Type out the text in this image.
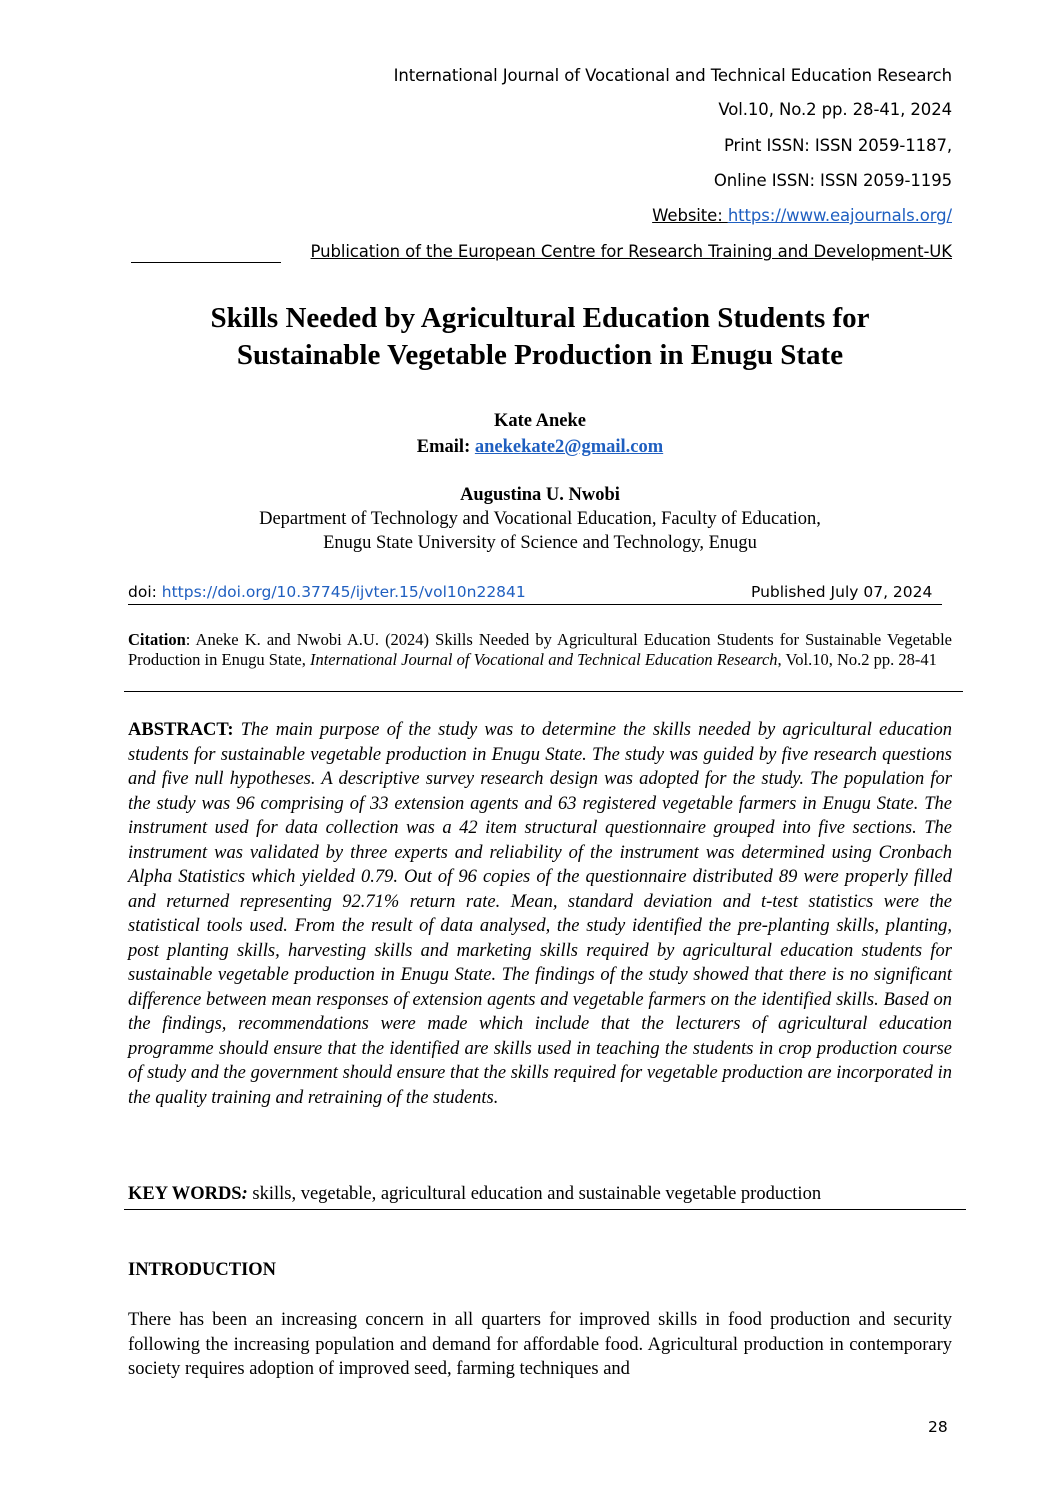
International Journal of Vocational and Technical Education Research
Vol.10, No.2 pp. 28-41, 2024
Print ISSN: ISSN 2059-1187,
Online ISSN: ISSN 2059-1195
Website: https://www.eajournals.org/
Publication of the European Centre for Research Training and Development-UK
Skills Needed by Agricultural Education Students for
Sustainable Vegetable Production in Enugu State
Kate Aneke
Email: anekekate2@gmail.com
Augustina U. Nwobi
Department of Technology and Vocational Education, Faculty of Education,
Enugu State University of Science and Technology, Enugu
doi: https://doi.org/10.37745/ijvter.15/vol10n22841	Published July 07, 2024
Citation: Aneke K. and Nwobi A.U. (2024) Skills Needed by Agricultural Education Students for Sustainable Vegetable Production in Enugu State, International Journal of Vocational and Technical Education Research, Vol.10, No.2 pp. 28-41
ABSTRACT: The main purpose of the study was to determine the skills needed by agricultural education students for sustainable vegetable production in Enugu State. The study was guided by five research questions and five null hypotheses. A descriptive survey research design was adopted for the study. The population for the study was 96 comprising of 33 extension agents and 63 registered vegetable farmers in Enugu State. The instrument used for data collection was a 42 item structural questionnaire grouped into five sections. The instrument was validated by three experts and reliability of the instrument was determined using Cronbach Alpha Statistics which yielded 0.79. Out of 96 copies of the questionnaire distributed 89 were properly filled and returned representing 92.71% return rate. Mean, standard deviation and t-test statistics were the statistical tools used. From the result of data analysed, the study identified the pre-planting skills, planting, post planting skills, harvesting skills and marketing skills required by agricultural education students for sustainable vegetable production in Enugu State. The findings of the study showed that there is no significant difference between mean responses of extension agents and vegetable farmers on the identified skills. Based on the findings, recommendations were made which include that the lecturers of agricultural education programme should ensure that the identified are skills used in teaching the students in crop production course of study and the government should ensure that the skills required for vegetable production are incorporated in the quality training and retraining of the students.
KEY WORDS: skills, vegetable, agricultural education and sustainable vegetable production
INTRODUCTION
There has been an increasing concern in all quarters for improved skills in food production and security following the increasing population and demand for affordable food. Agricultural production in contemporary society requires adoption of improved seed, farming techniques and
28
